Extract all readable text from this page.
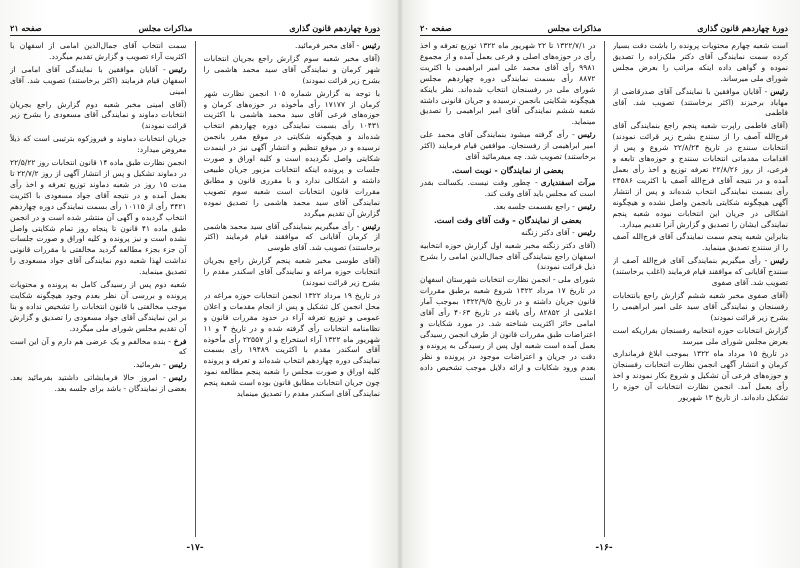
دورهٔ چهاردهم قانون گذاری
مذاکرات مجلس
صفحه ۲۱
رئیس- آقای مخبر فرمائید.
(آقای مخبر شعبه سوم گزارش راجع بجریان انتخابات شهر کرمان و نمایندگی آقای سید محمد هاشمی را بشرح زیر قرائت نمودند)
با توجه به گزارش شماره ۱۰۵ انجمن نظارت شهر کرمان از ۱۷۱۷۷ رأی مأخوذه در حوزه‌های کرمان و حوزه‌های فرعی آقای سید محمد هاشمی با اکثریت ۱۰۴۳۱ رأی بسمت نمایندگی دوره چهاردهم انتخاب شده‌اند و هیچگونه شکایتی در موقع مقرر بانجمن نرسیده و در موقع تنظیم و انتشار آگهی نیز در اینمدت شکایتی واصل نگردیده است و کلیه اوراق و صورت جلسات و پرونده اینکه انتخابات مزبور جریان طبیعی داشته و اشکالی ندارد و با مقرری قانون و مطابق مقررات قانون انتخابات است شعبه سوم تصویب نمایندگی آقای سید محمد هاشمی را تصدیق نموده گزارش آن تقدیم میگردد
رئیس- رأی میگیریم بنمایندگی آقای سید محمد هاشمی از کرمان آقایانی که موافقند قیام فرمایند (اکثر برخاستند) تصویب شد. آقای طوسی
(آقای طوسی مخبر شعبه پنجم گزارش راجع بجریان انتخابات حوزه مراغه و نمایندگی آقای اسکندر مقدم را بشرح زیر قرائت نمودند)
در تاریخ ۱۹ مرداد ۱۳۲۲ انجمن انتخابات حوزه مراغه در محل انجمن کل تشکیل و پس از انجام مقدمات و اعلان عمومی و توزیع تعرفه آراء در حدود مقررات قانون و نظامنامه انتخابات رأی گرفته شده و در تاریخ ۴ و ۱۱ شهریور ماه ۱۳۲۲ آراء استخراج و از ۲۲۵۵۷ رأی مأخوذه آقای اسکندر مقدم با اکثریت ۱۹۴۸۹ رأی بسمت نمایندگی دوره چهاردهم انتخاب شده‌اند و تعرفه و پرونده کلیه اوراق و صورت مجلس را شعبه پنجم مطالعه نمود چون جریان انتخابات مطابق قانون بوده است شعبه پنجم نمایندگی آقای اسکندر مقدم را تصدیق مینماید
سمت انتخاب آقای جمال‌الدین امامی از اسفهان با اکثریت آراء تصویب و گزارش تقدیم میگردد.
رئیس- آقایان موافقین با نمایندگی آقای امامی از اسفهان قیام فرمایند (اکثر برخاستند) تصویب شد. آقای امینی
(آقای امینی مخبر شعبه دوم گزارش راجع بجریان انتخابات دماوند و نمایندگی آقای مسعودی را بشرح زیر قرائت نمودند)
جریان انتخابات دماوند و فیروزکوه بترتیبی است که ذیلاً معروض میدارد:
انجمن نظارت طبق ماده ۱۴ قانون انتخابات روز ۲۲/۵/۲۲ در دماوند تشکیل و پس از انتشار آگهی از روز ۲۲/۷/۲ تا مدت ۱۵ روز در شعبه دماوند توزیع تعرفه و اخذ رأی بعمل آمده و در نتیجه آقای جواد مسعودی با اکثریت ۳۴۲۱ رأی از ۱۰۱۱۵ رأی بسمت نمایندگی دوره چهاردهم انتخاب گردیده و آگهی آن منتشر شده است و در انجمن طبق ماده ۴۱ قانون تا پنجاه روز تمام شکایتی واصل نشده است و نیز پرونده و کلیه اوراق و صورت جلسات آن جزء بجزء مطالعه گردید مخالفتی با مقررات قانونی نداشت لهذا شعبه دوم نمایندگی آقای جواد مسعودی را تصدیق مینماید.
شعبه دوم پس از رسیدگی کامل به پرونده و محتویات پرونده و بررسی آن نظر بعدم وجود هیچگونه شکایت موجب مخالفتی با قانون انتخابات را تشخیص نداده و بنا بر این نمایندگی آقای جواد مسعودی را تصدیق و گزارش آن تقدیم مجلس شورای ملی میگردد.
فرخ- بنده مخالفم و یک عرضی هم دارم و آن این است که
رئیس- بفرمائید.
رئیس- امروز حالا فرمایشاتی داشتید بفرمائید بعد. بعضی از نمایندگان - باشد برای جلسه بعد.
-۱۷-
دورهٔ چهاردهم قانون گذاری
مذاکرات مجلس
صفحه ۲۰
است شعبه چهارم محتویات پرونده را باشت دقت بسیار کرده سمت نمایندگی آقای دکتر ملک‌زاده را تصدیق نموده و گواهی داده اینکه مراتب را بعرض مجلس شورای ملی میرساند.
رئیس- آقایان موافقین با نمایندگی آقای صدرقاضی از مهاباد برخیزند (اکثر برخاستند) تصویب شد. آقای فاطمی
(آقای فاطمی راپرت شعبه پنجم راجع بنمایندگی آقای فرج‌الله آصف را از سنندج بشرح زیر قرائت نمودند) انتخابات سنندج در تاریخ ۲۲/۸/۲۴ شروع و پس از اقدامات مقدماتی انتخابات سنندج و حوزه‌های تابعه و فرعی، از روز ۲۲/۸/۲۶ تعرفه توزیع و اخذ رأی بعمل آمده و در نتیجه آقای فرج‌الله آصف با اکثریت ۲۴۵۸۶ رأی بسمت نمایندگی انتخاب شده‌اند و پس از انتشار آگهی هیچگونه شکایتی بانجمن واصل نشده و هیچگونه اشکالی در جریان این انتخابات نبوده شعبه پنجم نمایندگی ایشان را تصدیق و گزارش آنرا تقدیم میدارد.
بنابراین شعبه پنجم سمت نمایندگی آقای فرج‌الله آصف را از سنندج تصدیق مینماید.
رئیس- رأی میگیریم بنمایندگی آقای فرج‌الله آصف از سنندج آقایانی که موافقند قیام فرمایند (اغلب برخاستند) تصویب شد. آقای صفوی
(آقای صفوی مخبر شعبه ششم گزارش راجع بانتخابات رفسنجان و نمایندگی آقای سید علی امیر ابراهیمی را بشرح زیر قرائت نمودند)
گزارش انتخابات حوزه انتخابیه رفسنجان بقراریکه است بعرض مجلس شورای ملی میرسد
در تاریخ ۱۵ مرداد ماه ۱۳۲۲ بموجب ابلاغ فرمانداری کرمان و انتشار آگهی انجمن نظارت انتخابات رفسنجان و حوزه‌های فرعی آن تشکیل و شروع بکار نمودند و اخذ رأی بعمل آمد. انجمن نظارت انتخابات آن حوزه را تشکیل داده‌اند. از تاریخ ۱۳ شهریور
در ۱۳۲۲/۷/۱ تا ۲۲ شهریور ماه ۱۳۲۲ توزیع تعرفه و اخذ رأی در حوزه‌های اصلی و فرعی بعمل آمده و از مجموع ۹۹۸۱ رأی آقای محمد علی امیر ابراهیمی با اکثریت ۸۸۷۲ رأی بسمت نمایندگی دوره چهاردهم مجلس شورای ملی در رفسنجان انتخاب شده‌اند. نظر باینکه هیچگونه شکایتی بانجمن نرسیده و جریان قانونی داشته شعبه ششم نمایندگی آقای امیر ابراهیمی را تصدیق مینماید.
رئیس- رأی گرفته میشود بنمایندگی آقای محمد علی امیر ابراهیمی از رفسنجان. موافقین قیام فرمایند (اکثر برخاستند) تصویب شد. چه میفرمائید آقای
بعضی از نمایندگان - نوبت است.
مرآت اسفندیاری- چطور وقت نیست. بکسالت بقدر است که مجلس باید آقای وقت کند.
رئیس- راجع بقسمت جلسه بعد.
بعضی از نمایندگان - وقت آقای وقت است.
رئیس- آقای دکتر زنگنه
(آقای دکتر زنگنه مخبر شعبه اول گزارش حوزه انتخابیه اسفهان راجع بنمایندگی آقای جمال‌الدین امامی را بشرح ذیل قرائت نمودند)
شورای ملی - انجمن نظارت انتخابات شهرستان اسفهان در تاریخ ۱۷ مرداد ۱۳۲۲ شروع شعبه برطبق مقررات قانون جریان داشته و در تاریخ ۱۳۲۲/۹/۵ بموجب آمار اعلامی از ۸۲۸۵۲ رأی یافته در تاریخ ۴۰۶۳ رأی آقای امامی حائز اکثریت شناخته شد. در مورد شکایات و اعتراضات طبق مقررات قانون از طرف انجمن رسیدگی بعمل آمده است شعبه اول پس از رسیدگی به پرونده و دقت در جریان و اعتراضات موجود در پرونده و نظر بعدم ورود شکایات و ارائه دلایل موجب تشخیص داده است
-۱۶-
